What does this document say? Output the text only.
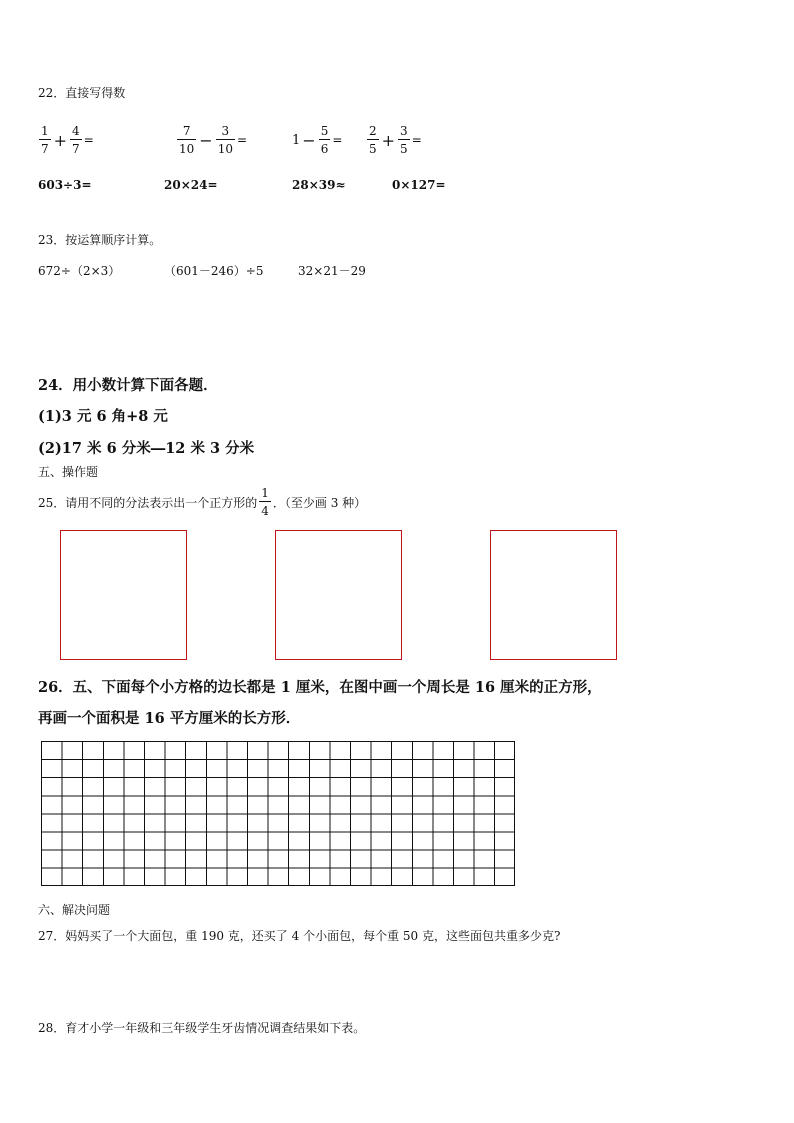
22．直接写得数
$\frac{1}{7} + \frac{4}{7}$ =	$\frac{7}{10} - \frac{3}{10}$ =	$1 - \frac{5}{6} = \frac{2}{5} + \frac{3}{5}$ =
603÷3=	20×24=	28×39≈	0×127=
23．按运算顺序计算。
672÷（2×3）	（601－246）÷5	32×21－29
24．用小数计算下面各题．
(1)3 元 6 角+8 元
(2)17 米 6 分米―12 米 3 分米
五、操作题
25．请用不同的分法表示出一个正方形的 $\frac{1}{4}$ ．（至少画 3 种）
26．五、下面每个小方格的边长都是 1 厘米，在图中画一个周长是 16 厘米的正方形，
再画一个面积是 16 平方厘米的长方形．
六、解决问题
27．妈妈买了一个大面包，重 190 克，还买了 4 个小面包，每个重 50 克，这些面包共重多少克?
28．育才小学一年级和三年级学生牙齿情况调查结果如下表。
